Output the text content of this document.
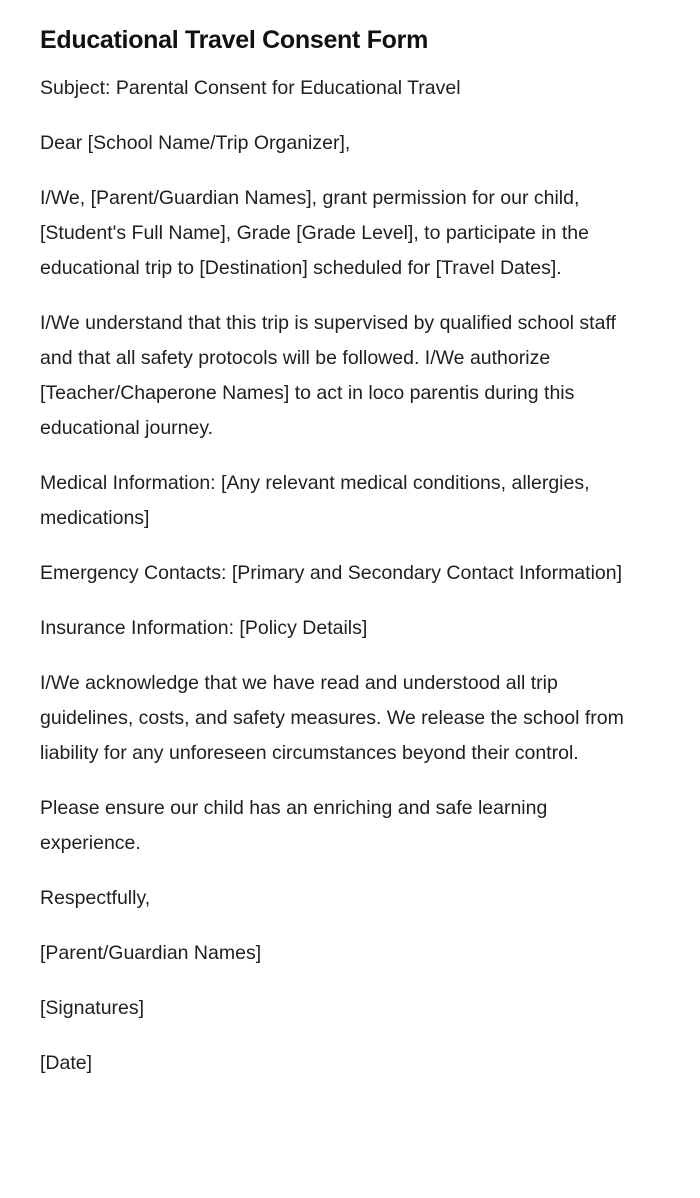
Educational Travel Consent Form

Subject: Parental Consent for Educational Travel

Dear [School Name/Trip Organizer],

I/We, [Parent/Guardian Names], grant permission for our child, [Student's Full Name], Grade [Grade Level], to participate in the educational trip to [Destination] scheduled for [Travel Dates].

I/We understand that this trip is supervised by qualified school staff and that all safety protocols will be followed. I/We authorize [Teacher/Chaperone Names] to act in loco parentis during this educational journey.

Medical Information: [Any relevant medical conditions, allergies, medications]

Emergency Contacts: [Primary and Secondary Contact Information]

Insurance Information: [Policy Details]

I/We acknowledge that we have read and understood all trip guidelines, costs, and safety measures. We release the school from liability for any unforeseen circumstances beyond their control.

Please ensure our child has an enriching and safe learning experience.

Respectfully,

[Parent/Guardian Names]

[Signatures]

[Date]
